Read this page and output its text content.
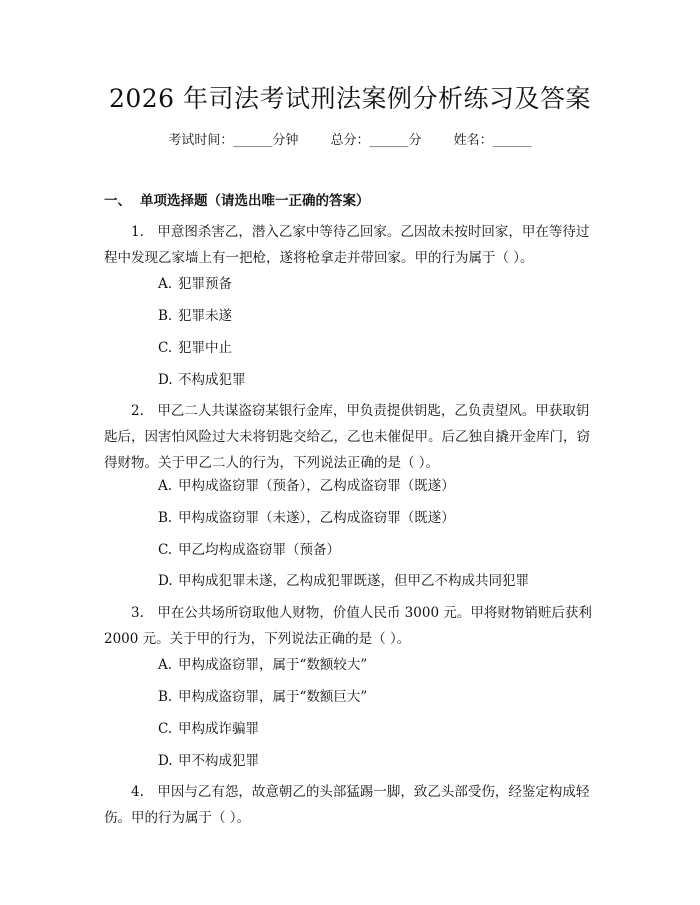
2026 年司法考试刑法案例分析练习及答案
考试时间：______分钟 总分：______分 姓名：______
一、 单项选择题（请选出唯一正确的答案）
1.　甲意图杀害乙，潜入乙家中等待乙回家。乙因故未按时回家，甲在等待过程中发现乙家墙上有一把枪，遂将枪拿走并带回家。甲的行为属于（ ）。
A. 犯罪预备
B. 犯罪未遂
C. 犯罪中止
D. 不构成犯罪
2.　甲乙二人共谋盗窃某银行金库，甲负责提供钥匙，乙负责望风。甲获取钥匙后，因害怕风险过大未将钥匙交给乙，乙也未催促甲。后乙独自撬开金库门，窃得财物。关于甲乙二人的行为，下列说法正确的是（ ）。
A. 甲构成盗窃罪（预备），乙构成盗窃罪（既遂）
B. 甲构成盗窃罪（未遂），乙构成盗窃罪（既遂）
C. 甲乙均构成盗窃罪（预备）
D. 甲构成犯罪未遂，乙构成犯罪既遂，但甲乙不构成共同犯罪
3.　甲在公共场所窃取他人财物，价值人民币 3000 元。甲将财物销赃后获利 2000 元。关于甲的行为，下列说法正确的是（ ）。
A. 甲构成盗窃罪，属于“数额较大”
B. 甲构成盗窃罪，属于“数额巨大”
C. 甲构成诈骗罪
D. 甲不构成犯罪
4.　甲因与乙有怨，故意朝乙的头部猛踢一脚，致乙头部受伤，经鉴定构成轻伤。甲的行为属于（ ）。
